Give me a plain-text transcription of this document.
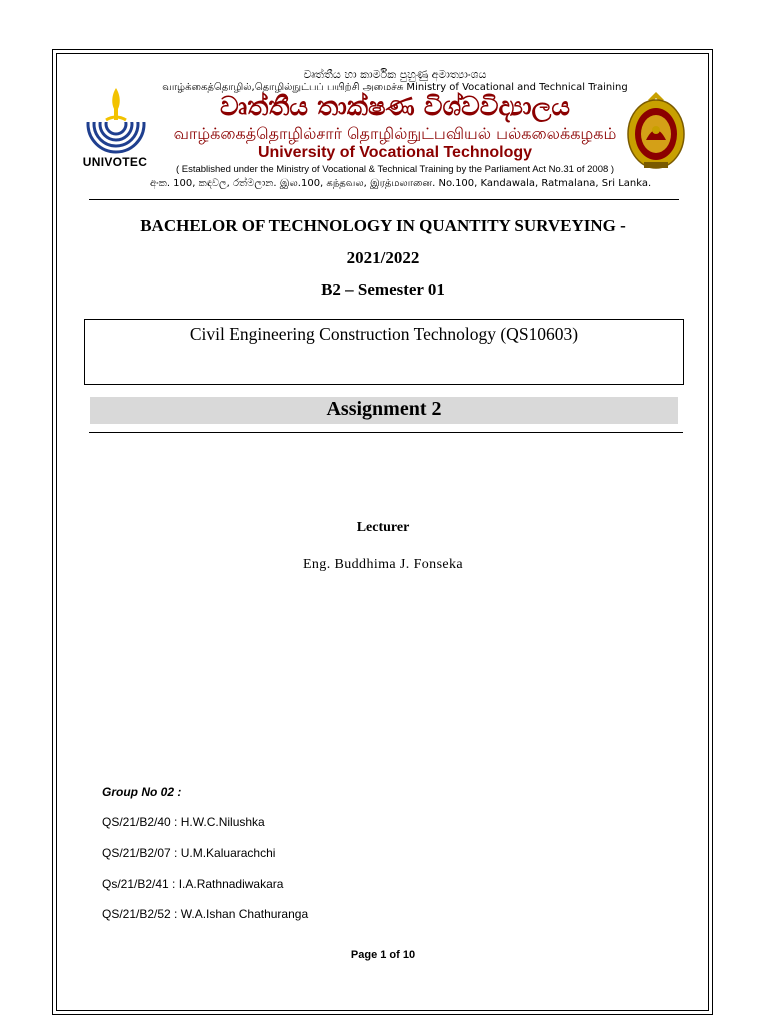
UNIVOTEC
වෘත්තීය හා කාර්මික පුහුණු අමාත්‍යාංශය
வாழ்க்கைத்தொழில்,தொழில்நுட்பப் பயிற்சி அமைச்சு Ministry of Vocational and Technical Training
වෘත්තීය තාක්ෂණ විශ්වවිද්‍යාලය
வாழ்க்கைத்தொழில்சார் தொழில்நுட்பவியல் பல்கலைக்கழகம்
University of Vocational Technology
( Established under the Ministry of Vocational & Technical Training by the Parliament Act No.31 of 2008 )
අංක. 100, කඳවල, රත්මලාන. இல.100, கந்தவல, இரத்மலானை. No.100, Kandawala, Ratmalana, Sri Lanka.
BACHELOR OF TECHNOLOGY IN QUANTITY SURVEYING -
2021/2022
B2 – Semester 01
Civil Engineering Construction Technology (QS10603)
Assignment 2
Lecturer
Eng. Buddhima J. Fonseka
Group No 02 :
QS/21/B2/40 : H.W.C.Nilushka
QS/21/B2/07 : U.M.Kaluarachchi
Qs/21/B2/41 : I.A.Rathnadiwakara
QS/21/B2/52 : W.A.Ishan Chathuranga
Page 1 of 10
